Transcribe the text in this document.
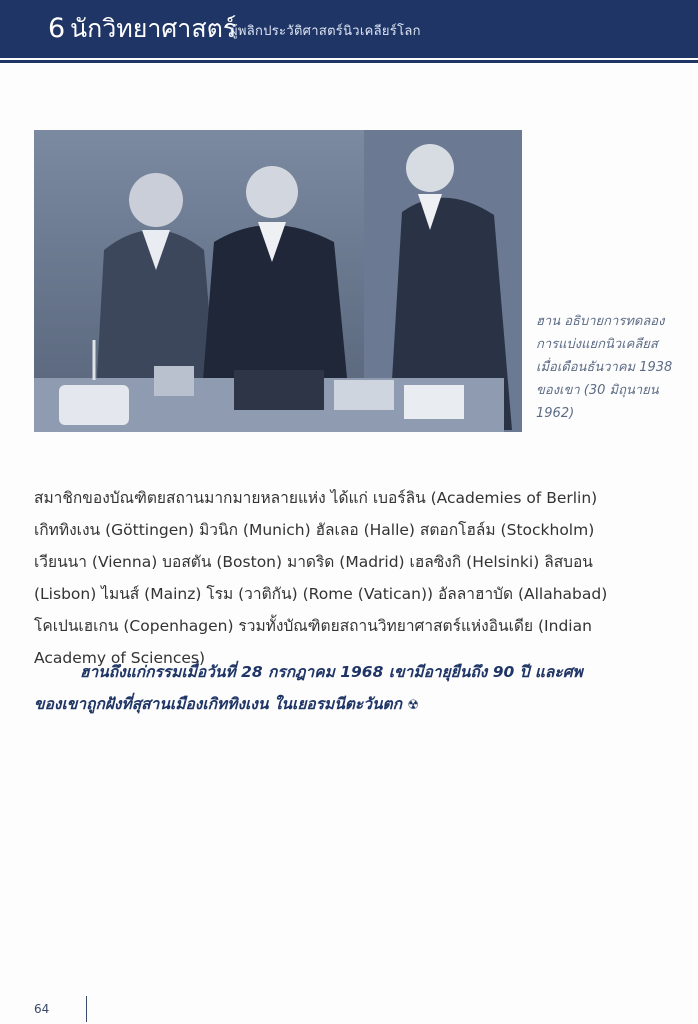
6 นักวิทยาศาสตร์
ผู้พลิกประวัติศาสตร์นิวเคลียร์โลก
ฮาน อธิบายการทดลอง
การแบ่งแยกนิวเคลียส
เมื่อเดือนธันวาคม 1938
ของเขา (30 มิถุนายน
1962)
สมาชิกของบัณฑิตยสถานมากมายหลายแห่ง ได้แก่ เบอร์ลิน (Academies of Berlin)
เกิททิงเงน (Göttingen) มิวนิก (Munich) ฮัลเลอ (Halle) สตอกโฮล์ม (Stockholm)
เวียนนา (Vienna) บอสตัน (Boston) มาดริด (Madrid) เฮลซิงกิ (Helsinki) ลิสบอน
(Lisbon) ไมนส์ (Mainz) โรม (วาติกัน) (Rome (Vatican)) อัลลาฮาบัด (Allahabad)
โคเปนเฮเกน (Copenhagen) รวมทั้งบัณฑิตยสถานวิทยาศาสตร์แห่งอินเดีย (Indian
Academy of Sciences)
ฮานถึงแก่กรรมเมื่อวันที่ 28 กรกฎาคม 1968 เขามีอายุยืนถึง 90 ปี และศพ
ของเขาถูกฝังที่สุสานเมืองเกิททิงเงน ในเยอรมนีตะวันตก ☢
64
